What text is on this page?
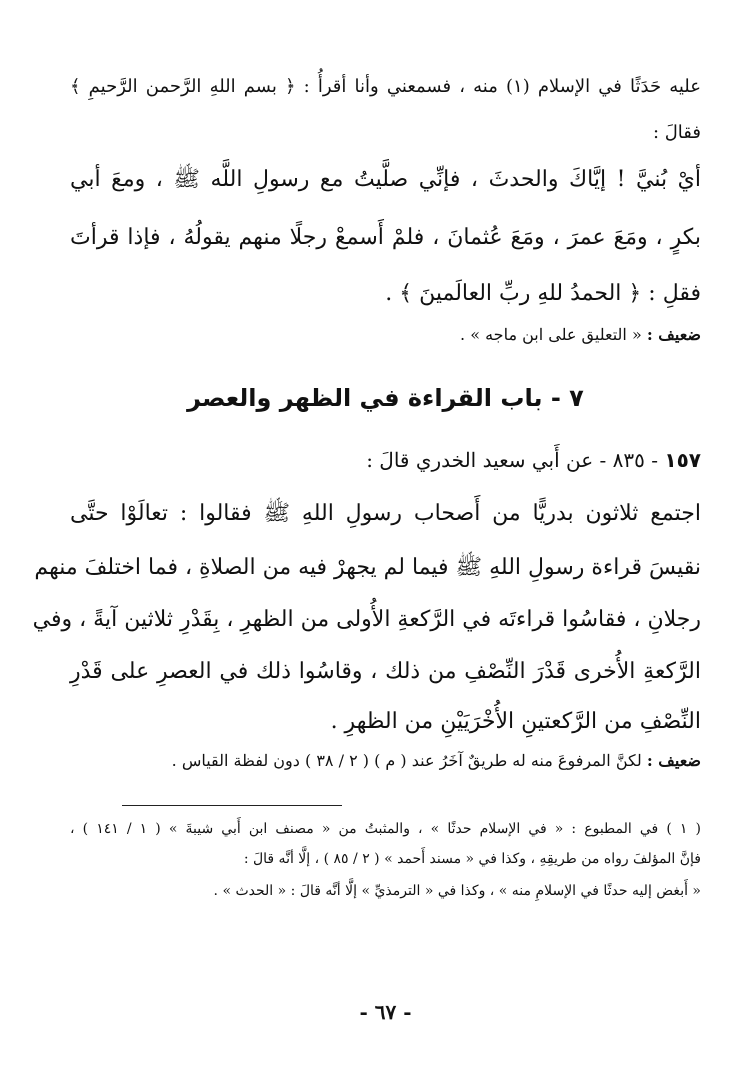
عليه حَدَثًا في الإسلام (١) منه ، فسمعني وأنا أقرأُ : ﴿ بسم اللهِ الرَّحمن الرَّحيمِ ﴾
فقالَ :
أيْ بُنيَّ ! إيَّاكَ والحدثَ ، فإنِّي صلَّيتُ مع رسولِ اللَّه ﷺ ، ومعَ أبي
بكرٍ ، ومَعَ عمرَ ، ومَعَ عُثمانَ ، فلمْ أَسمعْ رجلًا منهم يقولُهُ ، فإذا قرأتَ
فقلِ : ﴿ الحمدُ للهِ ربِّ العالَمينَ ﴾ .
ضعيف : « التعليق على ابن ماجه » .
٧ - باب القراءة في الظهر والعصر
١٥٧ - ٨٣٥ - عن أَبي سعيد الخدري قالَ :
اجتمع ثلاثون بدريًّا من أَصحاب رسولِ اللهِ ﷺ فقالوا : تعالَوْا حتَّى
نقيسَ قراءة رسولِ اللهِ ﷺ فيما لم يجهرْ فيه من الصلاةِ ، فما اختلفَ منهم
رجلانِ ، فقاسُوا قراءتَه في الرَّكعةِ الأُولى من الظهرِ ، بِقَدْرِ ثلاثين آيةً ، وفي
الرَّكعةِ الأُخرى قَدْرَ النِّصْفِ من ذلك ، وقاسُوا ذلك في العصرِ على قَدْرِ
النِّصْفِ من الرَّكعتينِ الأُخْرَيَيْنِ من الظهرِ .
ضعيف : لكنَّ المرفوعَ منه له طريقٌ آخَرُ عند ( م ) ( ٢ / ٣٨ ) دون لفظة القياس .
( ١ ) في المطبوع : « في الإسلام حدثًا » ، والمثبتُ من « مصنف ابن أَبي شيبةَ » ( ١ / ١٤١ ) ،
فإنَّ المؤلفَ رواه من طريقِهِ ، وكذا في « مسند أَحمد » ( ٢ / ٨٥ ) ، إلَّا أنَّه قالَ :
« أَبغض إليه حدثًا في الإسلامِ منه » ، وكذا في « الترمذيِّ » إلَّا أنَّه قالَ : « الحدث » .
- ٦٧ -
